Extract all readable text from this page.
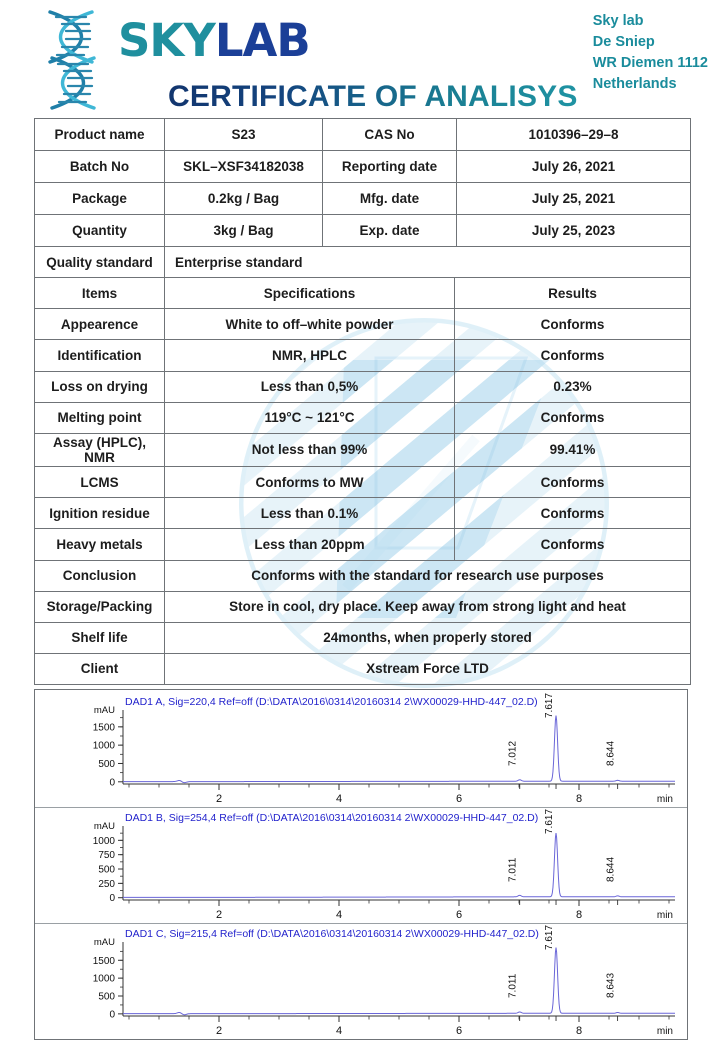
SKYLAB
CERTIFICATE OF ANALISYS
Sky lab
De Sniep
WR Diemen 1112
Netherlands
Product name	S23	CAS No	1010396–29–8
Batch No	SKL–XSF34182038	Reporting date	July 26, 2021
Package	0.2kg / Bag	Mfg. date	July 25, 2021
Quantity	3kg / Bag	Exp. date	July 25, 2023
Quality standard	Enterprise standard
Items	Specifications	Results
Appearence	White to off–white powder	Conforms
Identification	NMR, HPLC	Conforms
Loss on drying	Less than 0,5%	0.23%
Melting point	119°C ~ 121°C	Conforms
Assay (HPLC), NMR	Not less than 99%	99.41%
LCMS	Conforms to MW	Conforms
Ignition residue	Less than 0.1%	Conforms
Heavy metals	Less than 20ppm	Conforms
Conclusion	Conforms with the standard for research use purposes
Storage/Packing	Store in cool, dry place. Keep away from strong light and heat
Shelf life	24months, when properly stored
Client	Xstream Force LTD
DAD1 A, Sig=220,4 Ref=off (D:\DATA\2016\0314\20160314 2\WX00029-HHD-447_02.D)
mAU
0
500
1000
1500
2	4	6	8	min
7.012
7.617
8.644
DAD1 B, Sig=254,4 Ref=off (D:\DATA\2016\0314\20160314 2\WX00029-HHD-447_02.D)
mAU
0
250
500
750
1000
2	4	6	8	min
7.011
7.617
8.644
DAD1 C, Sig=215,4 Ref=off (D:\DATA\2016\0314\20160314 2\WX00029-HHD-447_02.D)
mAU
0
500
1000
1500
2	4	6	8	min
7.011
7.617
8.643
